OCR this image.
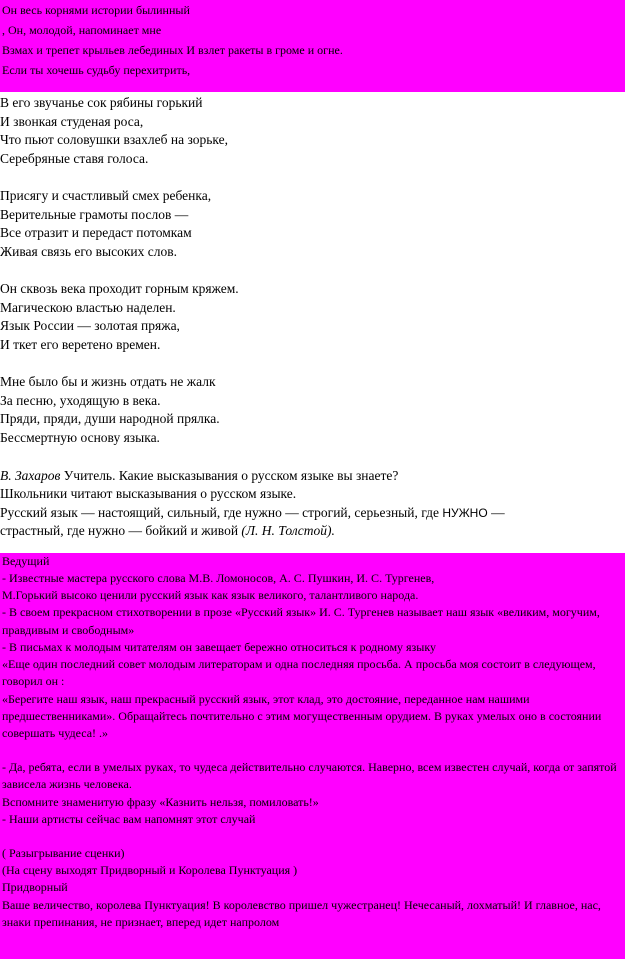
Он весь корнями истории былинный
, Он, молодой, напоминает мне
Взмах и трепет крыльев лебединых И взлет ракеты в громе и огне.
Если ты хочешь судьбу перехитрить,
В его звучанье сок рябины горький
И звонкая студеная роса,
Что пьют соловушки взахлеб на зорьке,
Серебряные ставя голоса.
Присягу и счастливый смех ребенка,
Верительные грамоты послов —
Все отразит и передаст потомкам
Живая связь его высоких слов.
Он сквозь века проходит горным кряжем.
Магическою властью наделен.
Язык России — золотая пряжа,
И ткет его веретено времен.
Мне было бы и жизнь отдать не жалк
За песню, уходящую в века.
Пряди, пряди, души народной прялка.
Бессмертную основу языка.
В. Захаров Учитель. Какие высказывания о русском языке вы знаете?
Школьники читают высказывания о русском языке.
Русский язык — настоящий, сильный, где нужно — строгий, серьезный, где НУЖНО —
страстный, где нужно — бойкий и живой (Л. Н. Толстой).
Ведущий
- Известные мастера русского слова М.В. Ломоносов, А. С. Пушкин, И. С. Тургенев,
М.Горький высоко ценили русский язык как язык великого, талантливого народа.
- В своем прекрасном стихотворении в прозе «Русский язык» И. С. Тургенев называет наш язык «великим, могучим, правдивым и свободным»
- В письмах к молодым читателям он завещает бережно относиться к родному языку
«Еще один последний совет молодым литераторам и одна последняя просьба. А просьба моя состоит в следующем, говорил он :
«Берегите наш язык, наш прекрасный русский язык, этот клад, это достояние, переданное нам нашими предшественниками». Обращайтесь почтительно с этим могущественным орудием. В руках умелых оно в состоянии совершать чудеса! .»
- Да, ребята, если в умелых руках, то чудеса действительно случаются. Наверно, всем известен случай, когда от запятой зависела жизнь человека.
Вспомните знаменитую фразу «Казнить нельзя, помиловать!»
- Наши артисты сейчас вам напомнят этот случай
( Разыгрывание сценки)
(На сцену выходят Придворный и Королева Пунктуация )
Придворный
Ваше величество, королева Пунктуация! В королевство пришел чужестранец! Нечесаный, лохматый! И главное, нас, знаки препинания, не признает, вперед идет напролом
